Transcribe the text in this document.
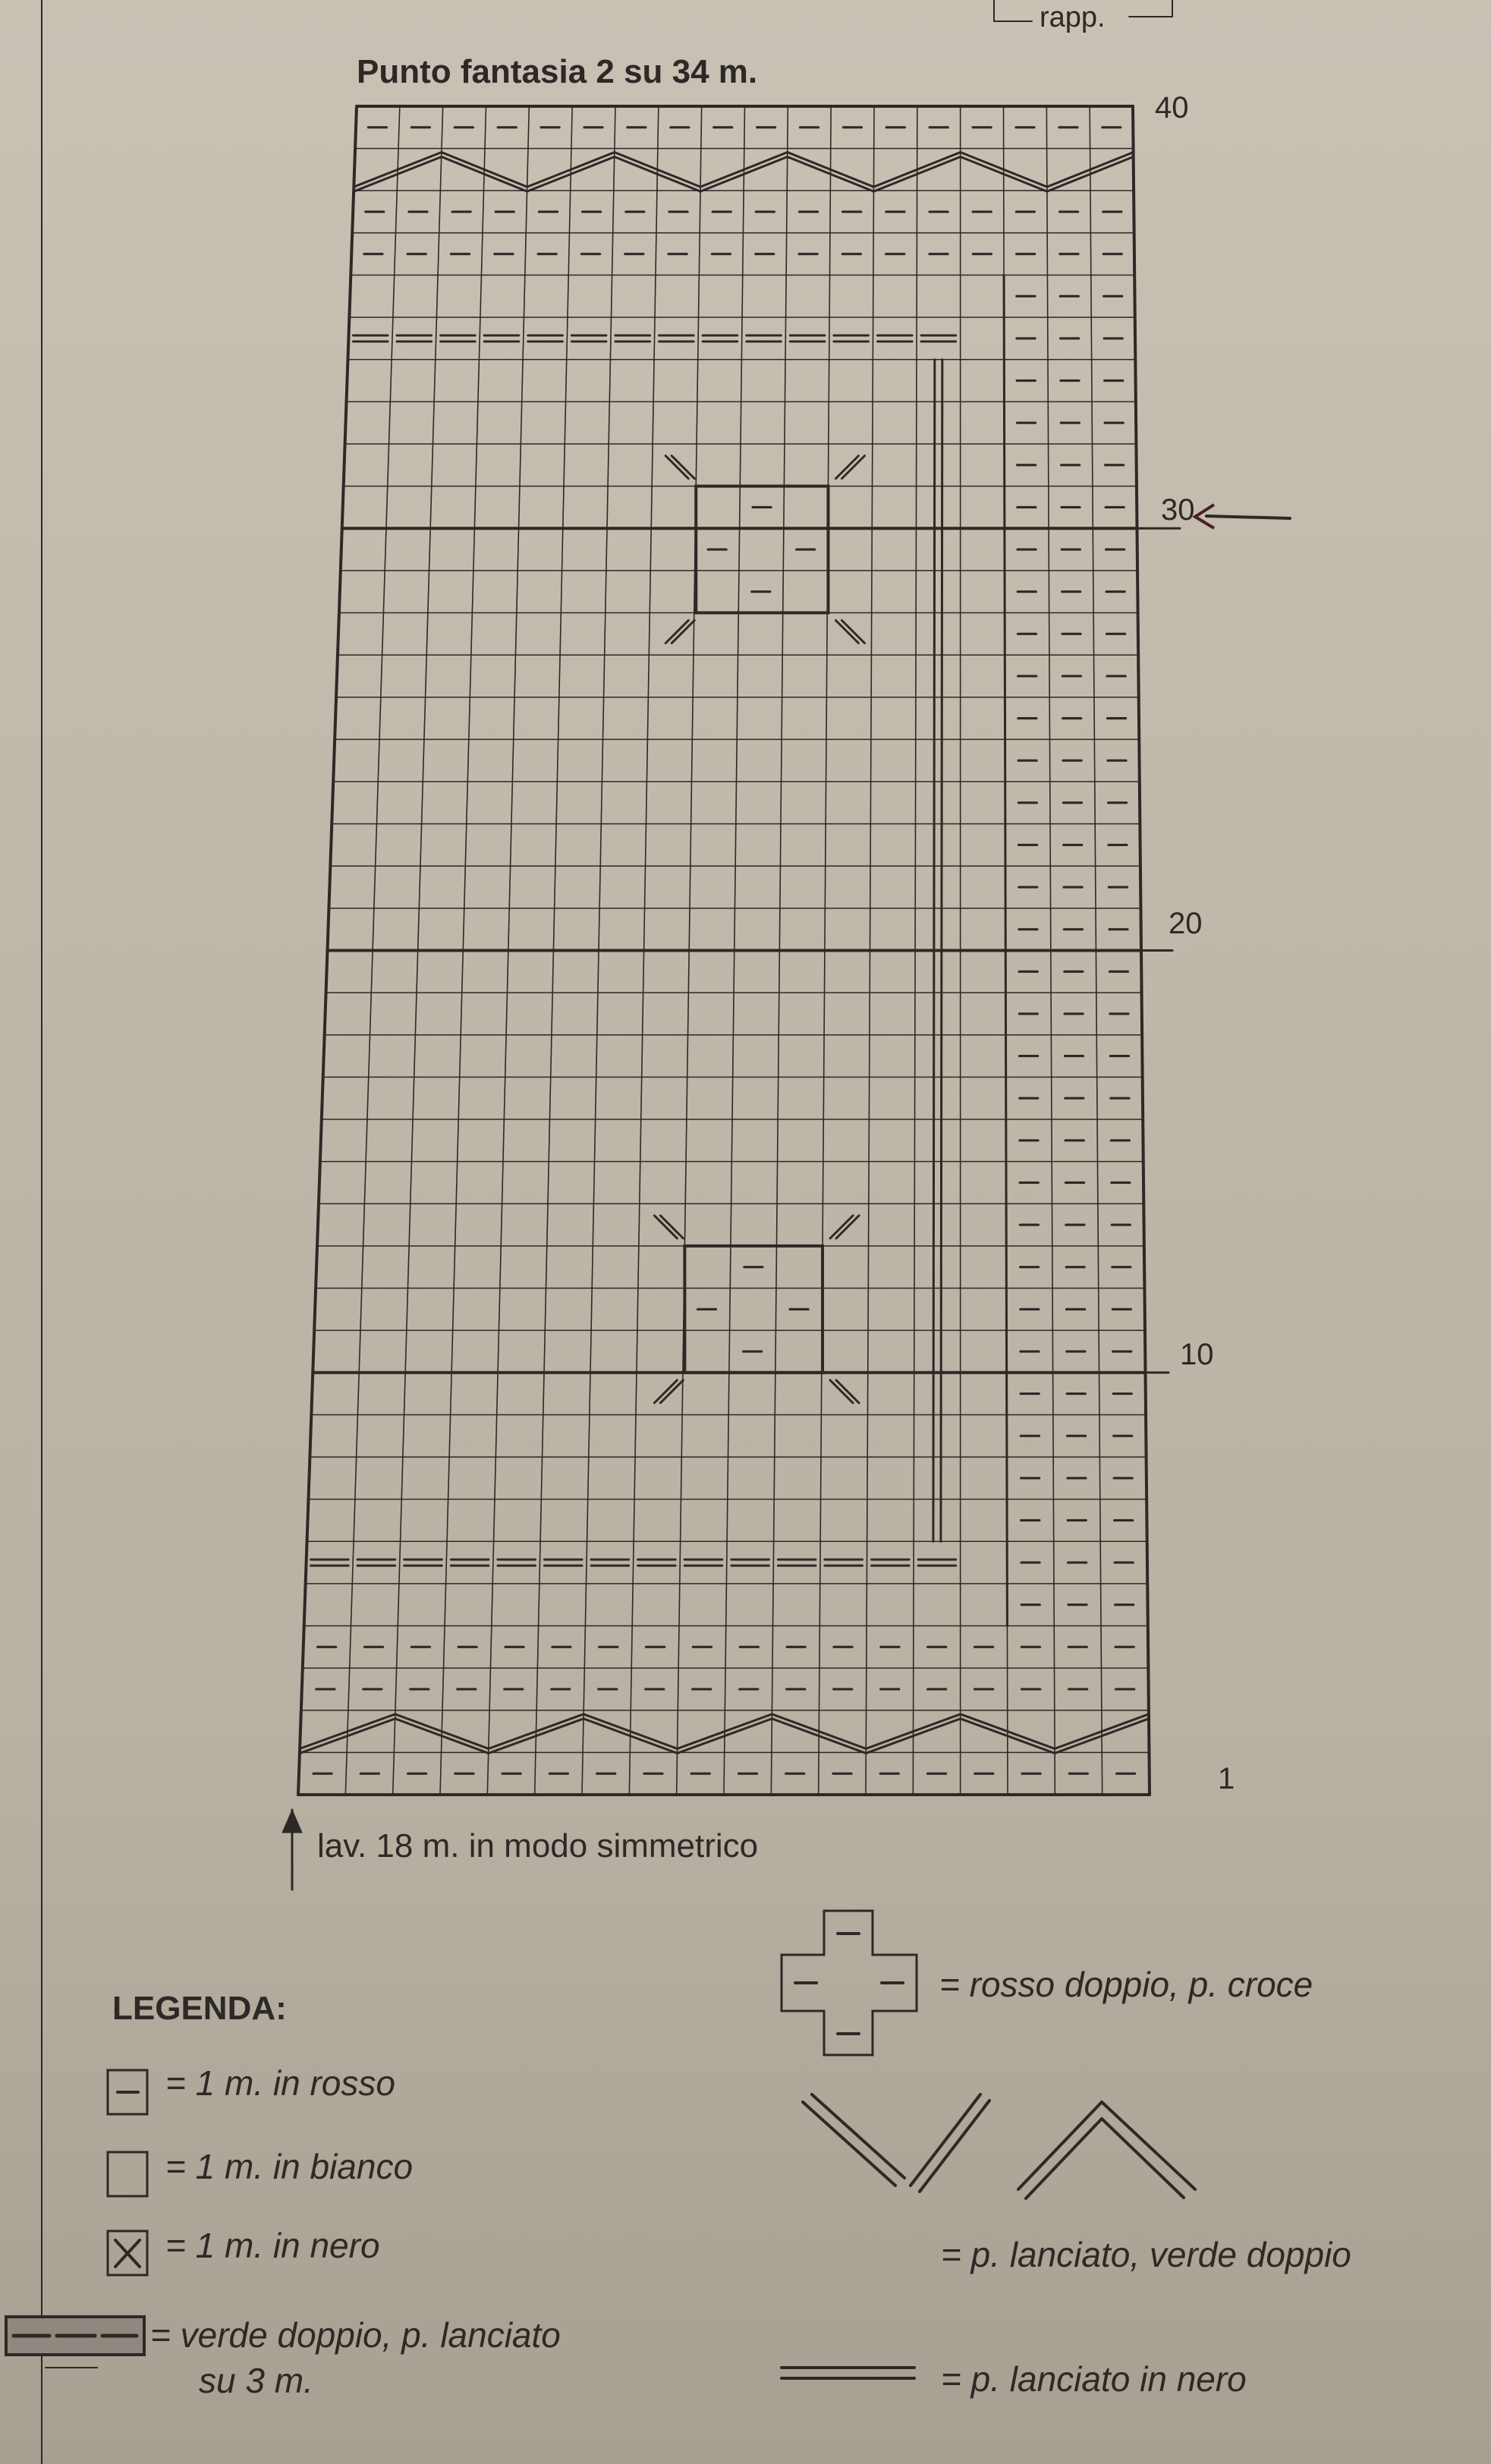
rapp.
Punto fantasia 2 su 34 m.
40
30
20
10
1
lav. 18 m. in modo simmetrico
LEGENDA:
= 1 m. in rosso
= 1 m. in bianco
= 1 m. in nero
= verde doppio, p. lanciato
su 3 m.
= rosso doppio, p. croce
= p. lanciato, verde doppio
= p. lanciato in nero
